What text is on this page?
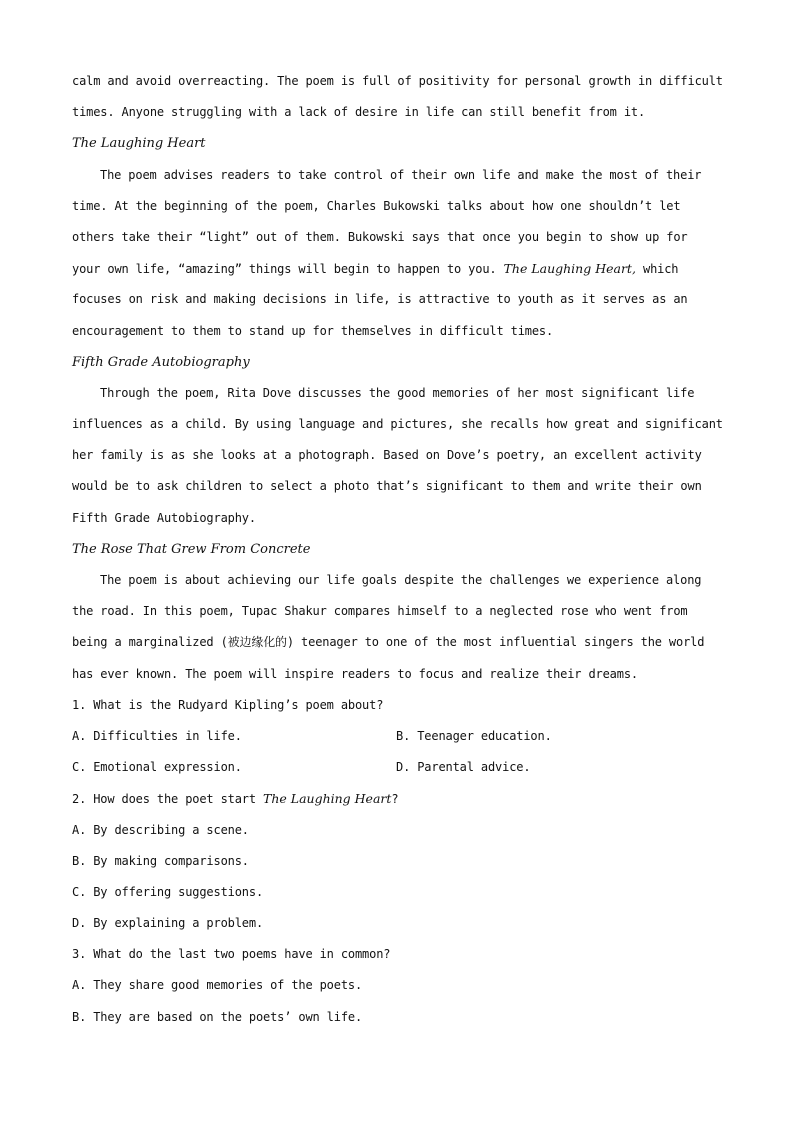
calm and avoid overreacting. The poem is full of positivity for personal growth in difficult
times. Anyone struggling with a lack of desire in life can still benefit from it.
The Laughing Heart
The poem advises readers to take control of their own life and make the most of their
time. At the beginning of the poem, Charles Bukowski talks about how one shouldn’t let
others take their “light” out of them. Bukowski says that once you begin to show up for
your own life, “amazing” things will begin to happen to you. The Laughing Heart, which
focuses on risk and making decisions in life, is attractive to youth as it serves as an
encouragement to them to stand up for themselves in difficult times.
Fifth Grade Autobiography
Through the poem, Rita Dove discusses the good memories of her most significant life
influences as a child. By using language and pictures, she recalls how great and significant
her family is as she looks at a photograph. Based on Dove’s poetry, an excellent activity
would be to ask children to select a photo that’s significant to them and write their own
Fifth Grade Autobiography.
The Rose That Grew From Concrete
The poem is about achieving our life goals despite the challenges we experience along
the road. In this poem, Tupac Shakur compares himself to a neglected rose who went from
being a marginalized (被边缘化的) teenager to one of the most influential singers the world
has ever known. The poem will inspire readers to focus and realize their dreams.
1. What is the Rudyard Kipling’s poem about?
A. Difficulties in life.	B. Teenager education.
C. Emotional expression.	D. Parental advice.
2. How does the poet start The Laughing Heart?
A. By describing a scene.
B. By making comparisons.
C. By offering suggestions.
D. By explaining a problem.
3. What do the last two poems have in common?
A. They share good memories of the poets.
B. They are based on the poets’ own life.
